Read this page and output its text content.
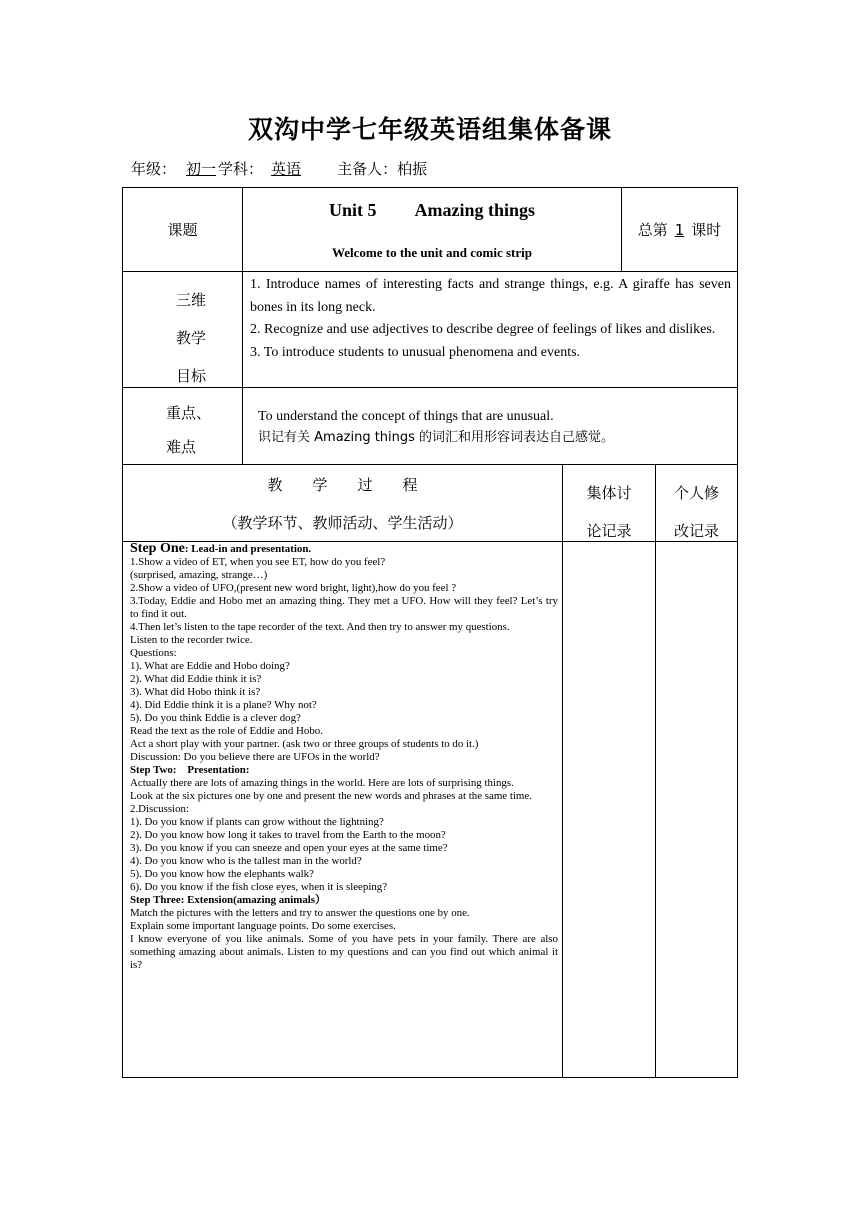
双沟中学七年级英语组集体备课
年级： 初一 学科： 英语 主备人：柏振
课题
Unit 5 Amazing things
Welcome to the unit and comic strip
总第 1 课时
三维
教学
目标
1. Introduce names of interesting facts and strange things, e.g. A giraffe has seven bones in its long neck.
2. Recognize and use adjectives to describe degree of feelings of likes and dislikes.
3. To introduce students to unusual phenomena and events.
重点、
难点
To understand the concept of things that are unusual.
识记有关 Amazing things 的词汇和用形容词表达自己感觉。
教　　学　　过　　程
（教学环节、教师活动、学生活动）
集体讨
论记录
个人修
改记录

Step One: Lead-in and presentation.

1.Show a video of ET, when you see ET, how do you feel?

(surprised, amazing, strange…)

2.Show a video of UFO,(present new word bright, light),how do you feel ?

3.Today, Eddie and Hobo met an amazing thing. They met a UFO. How will they feel? Let’s try to find it out.

4.Then let’s listen to the tape recorder of the text. And then try to answer my questions.

Listen to the recorder twice.

Questions:

1). What are Eddie and Hobo doing?

2). What did Eddie think it is?

3). What did Hobo think it is?

4). Did Eddie think it is a plane? Why not?

5). Do you think Eddie is a clever dog?

Read the text as the role of Eddie and Hobo.

Act a short play with your partner. (ask two or three groups of students to do it.)

Discussion: Do you believe there are UFOs in the world?

Step Two:　Presentation:

Actually there are lots of amazing things in the world. Here are lots of surprising things.

Look at the six pictures one by one and present the new words and phrases at the same time.

2.Discussion:

1). Do you know if plants can grow without the lightning?

2). Do you know how long it takes to travel from the Earth to the moon?

3). Do you know if you can sneeze and open your eyes at the same time?

4). Do you know who is the tallest man in the world?

5). Do you know how the elephants walk?

6). Do you know if the fish close eyes, when it is sleeping?

Step Three: Extension(amazing animals）

Match the pictures with the letters and try to answer the questions one by one.

Explain some important language points. Do some exercises.

I know everyone of you like animals. Some of you have pets in your family. There are also something amazing about animals. Listen to my questions and can you find out which animal it is?
